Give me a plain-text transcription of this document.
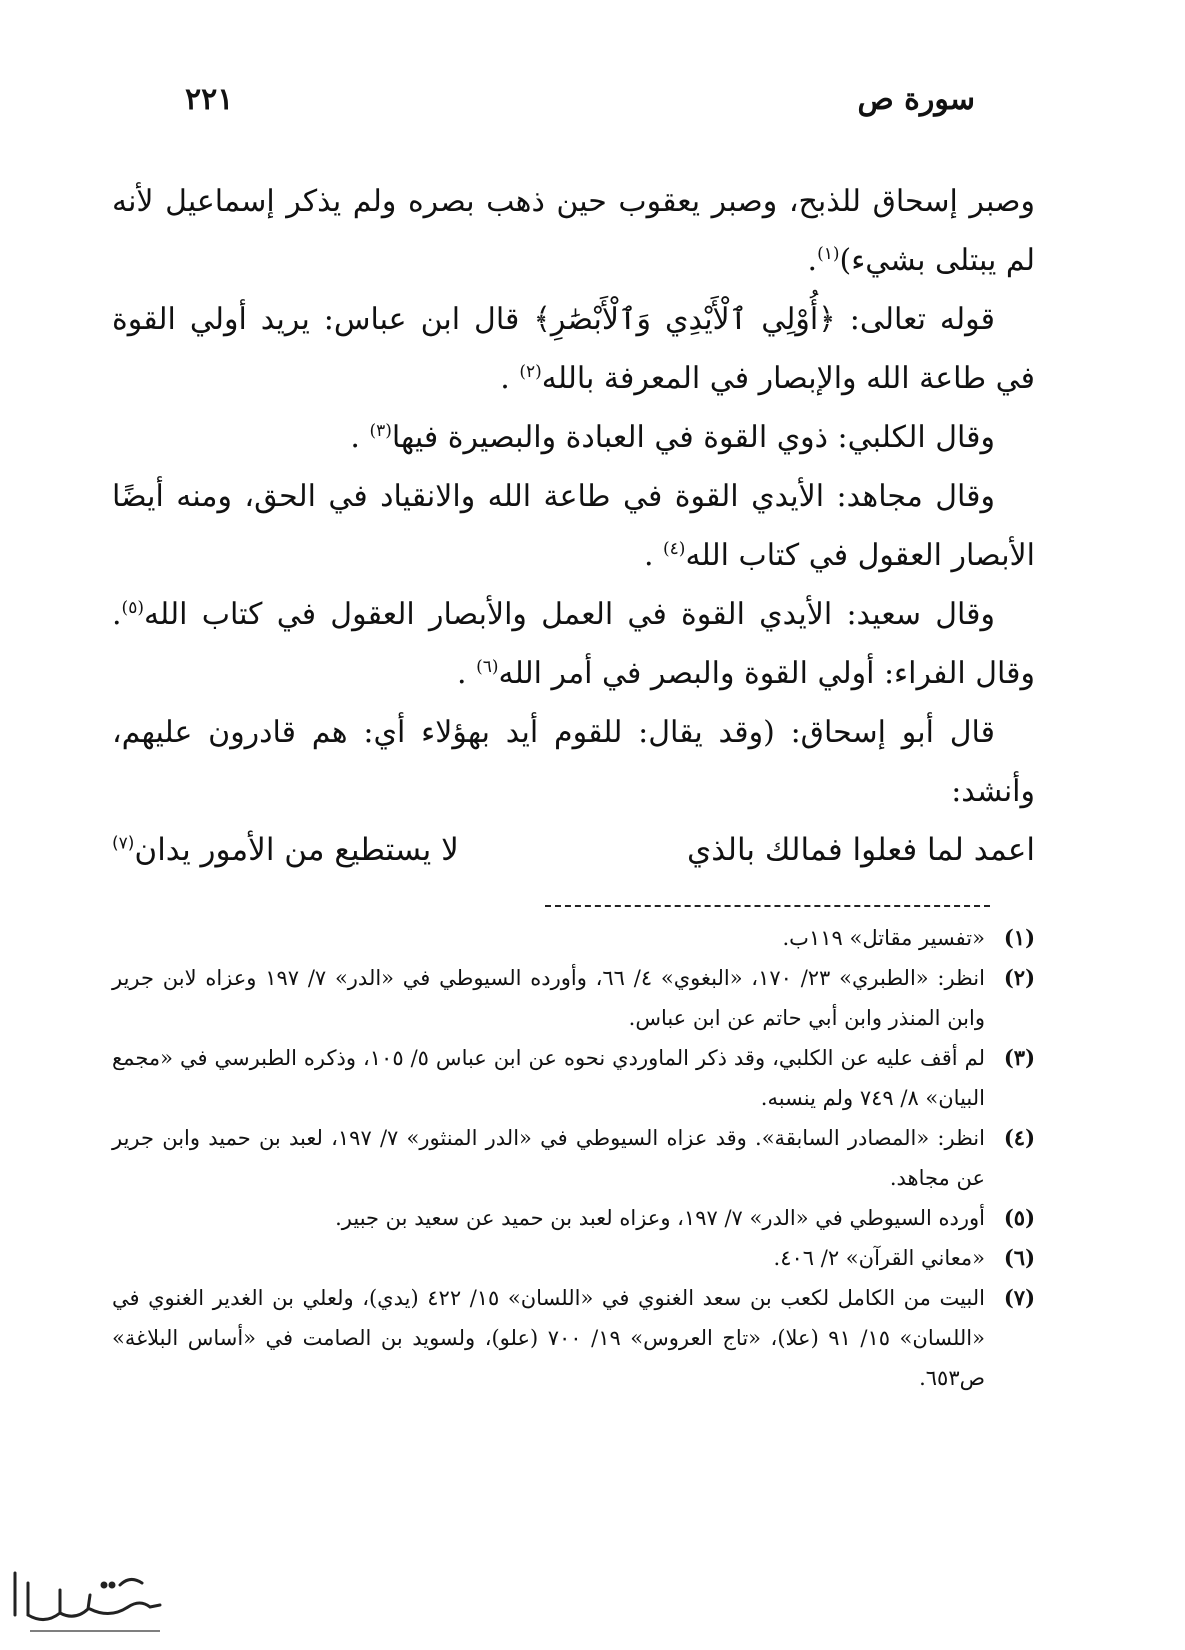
سورة ص
٢٢١

وصبر إسحاق للذبح، وصبر يعقوب حين ذهب بصره ولم يذكر إسماعيل لأنه لم يبتلى بشيء)$^{(١)}$.

قوله تعالى: ﴿أُوْلِي ٱلْأَيْدِي وَٱلْأَبْصَٰرِ﴾ قال ابن عباس: يريد أولي القوة في طاعة الله والإبصار في المعرفة بالله$^{(٢)}$ .

وقال الكلبي: ذوي القوة في العبادة والبصيرة فيها$^{(٣)}$ .

وقال مجاهد: الأيدي القوة في طاعة الله والانقياد في الحق، ومنه أيضًا الأبصار العقول في كتاب الله$^{(٤)}$ .

وقال سعيد: الأيدي القوة في العمل والأبصار العقول في كتاب الله$^{(٥)}$. وقال الفراء: أولي القوة والبصر في أمر الله$^{(٦)}$ .

قال أبو إسحاق: (وقد يقال: للقوم أيد بهؤلاء أي: هم قادرون عليهم، وأنشد:

اعمد لما فعلوا فمالك بالذي
لا يستطيع من الأمور يدان$^{(٧)}$

(١)
«تفسير مقاتل» ١١٩ب.

(٢)
انظر: «الطبري» ٢٣/ ١٧٠، «البغوي» ٤/ ٦٦، وأورده السيوطي في «الدر» ٧/ ١٩٧ وعزاه لابن جرير وابن المنذر وابن أبي حاتم عن ابن عباس.

(٣)
لم أقف عليه عن الكلبي، وقد ذكر الماوردي نحوه عن ابن عباس ٥/ ١٠٥، وذكره الطبرسي في «مجمع البيان» ٨/ ٧٤٩ ولم ينسبه.

(٤)
انظر: «المصادر السابقة». وقد عزاه السيوطي في «الدر المنثور» ٧/ ١٩٧، لعبد بن حميد وابن جرير عن مجاهد.

(٥)
أورده السيوطي في «الدر» ٧/ ١٩٧، وعزاه لعبد بن حميد عن سعيد بن جبير.

(٦)
«معاني القرآن» ٢/ ٤٠٦.

(٧)
البيت من الكامل لكعب بن سعد الغنوي في «اللسان» ١٥/ ٤٢٢ (يدي)، ولعلي بن الغدير الغنوي في «اللسان» ١٥/ ٩١ (علا)، «تاج العروس» ١٩/ ٧٠٠ (علو)، ولسويد بن الصامت في «أساس البلاغة» ص٦٥٣.
